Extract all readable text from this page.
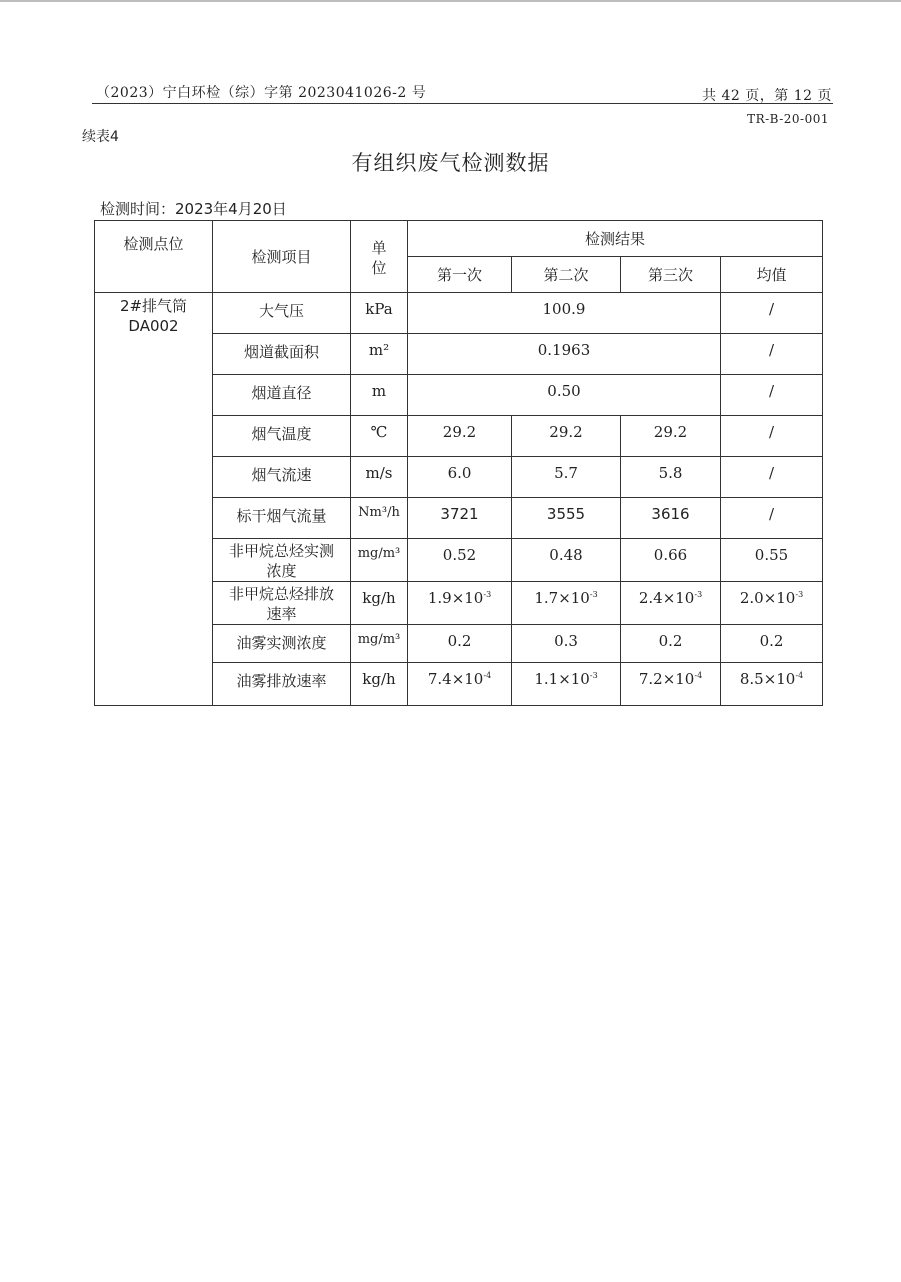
（2023）宁白环检（综）字第 2023041026-2 号	共 42 页，第 12 页
TR-B-20-001
续表4
有组织废气检测数据
检测时间：2023年4月20日
检测点位	检测项目	单
位	检测结果			
			第一次	第二次	第三次	均值
2#排气筒
DA002	大气压	kPa	100.9			/
	烟道截面积	m²	0.1963			/
	烟道直径	m	0.50			/
	烟气温度	℃	29.2	29.2	29.2	/
	烟气流速	m/s	6.0	5.7	5.8	/
	标干烟气流量	Nm³/h	3721	3555	3616	/
	非甲烷总烃实测
浓度	mg/m³	0.52	0.48	0.66	0.55
	非甲烷总烃排放
速率	kg/h	$1.9\times 10^{-3}$	$1.7\times 10^{-3}$	$2.4\times 10^{-3}$	$2.0\times 10^{-3}$
	油雾实测浓度	mg/m³	0.2	0.3	0.2	0.2
	油雾排放速率	kg/h	$7.4\times 10^{-4}$	$1.1\times 10^{-3}$	$7.2\times 10^{-4}$	$8.5\times 10^{-4}$
